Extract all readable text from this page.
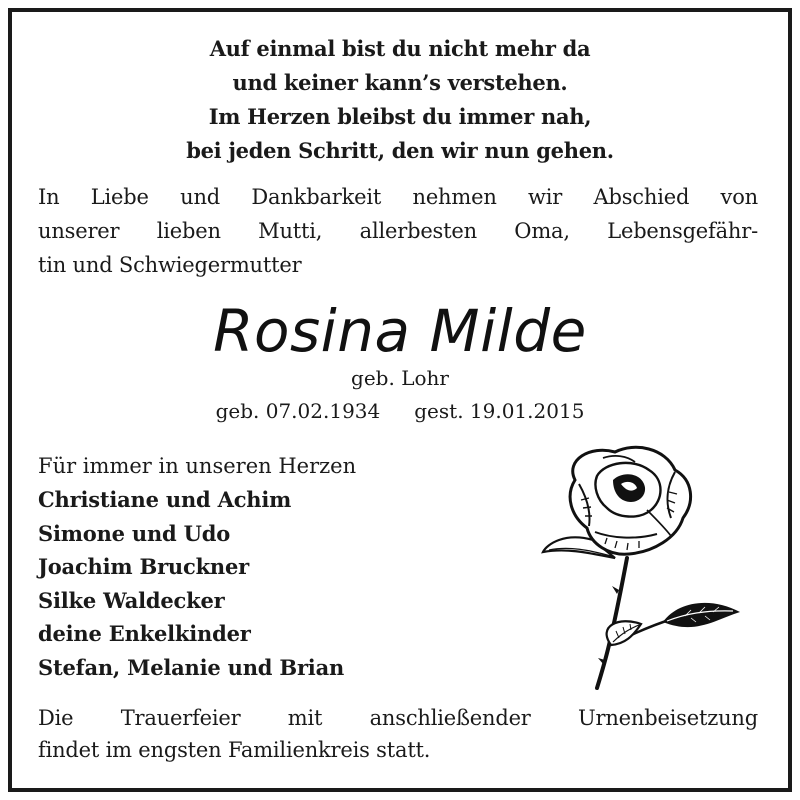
Auf einmal bist du nicht mehr da
und keiner kann’s verstehen.
Im Herzen bleibst du immer nah,
bei jeden Schritt, den wir nun gehen.
In Liebe und Dankbarkeit nehmen wir Abschied von
unserer lieben Mutti, allerbesten Oma, Lebensgefähr-
tin und Schwiegermutter
Rosina Milde
geb. Lohr
geb. 07.02.1934 gest. 19.01.2015
Für immer in unseren Herzen
Christiane und Achim
Simone und Udo
Joachim Bruckner
Silke Waldecker
deine Enkelkinder
Stefan, Melanie und Brian
Die Trauerfeier mit anschließender Urnenbeisetzung
findet im engsten Familienkreis statt.
